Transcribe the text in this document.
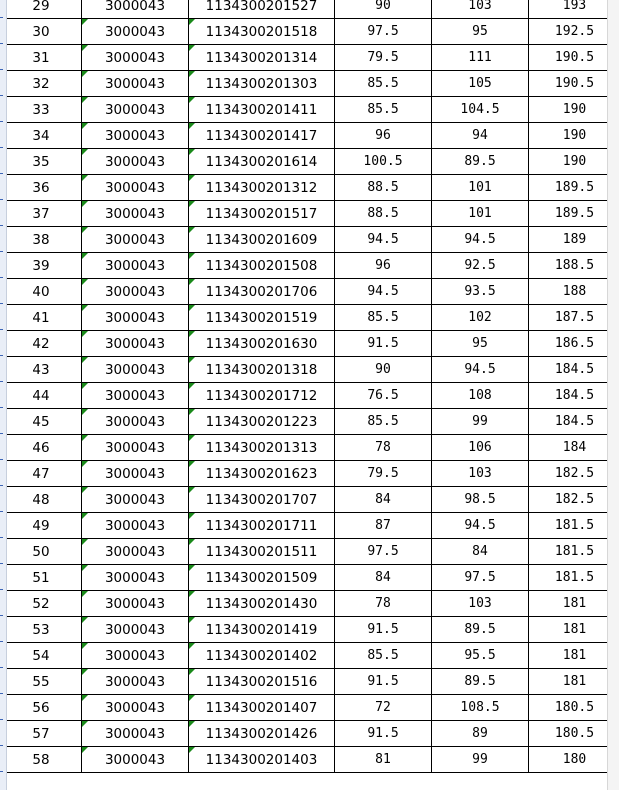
29	3000043	1134300201527	90	103	193
30	3000043	1134300201518	97.5	95	192.5
31	3000043	1134300201314	79.5	111	190.5
32	3000043	1134300201303	85.5	105	190.5
33	3000043	1134300201411	85.5	104.5	190
34	3000043	1134300201417	96	94	190
35	3000043	1134300201614	100.5	89.5	190
36	3000043	1134300201312	88.5	101	189.5
37	3000043	1134300201517	88.5	101	189.5
38	3000043	1134300201609	94.5	94.5	189
39	3000043	1134300201508	96	92.5	188.5
40	3000043	1134300201706	94.5	93.5	188
41	3000043	1134300201519	85.5	102	187.5
42	3000043	1134300201630	91.5	95	186.5
43	3000043	1134300201318	90	94.5	184.5
44	3000043	1134300201712	76.5	108	184.5
45	3000043	1134300201223	85.5	99	184.5
46	3000043	1134300201313	78	106	184
47	3000043	1134300201623	79.5	103	182.5
48	3000043	1134300201707	84	98.5	182.5
49	3000043	1134300201711	87	94.5	181.5
50	3000043	1134300201511	97.5	84	181.5
51	3000043	1134300201509	84	97.5	181.5
52	3000043	1134300201430	78	103	181
53	3000043	1134300201419	91.5	89.5	181
54	3000043	1134300201402	85.5	95.5	181
55	3000043	1134300201516	91.5	89.5	181
56	3000043	1134300201407	72	108.5	180.5
57	3000043	1134300201426	91.5	89	180.5
58	3000043	1134300201403	81	99	180
